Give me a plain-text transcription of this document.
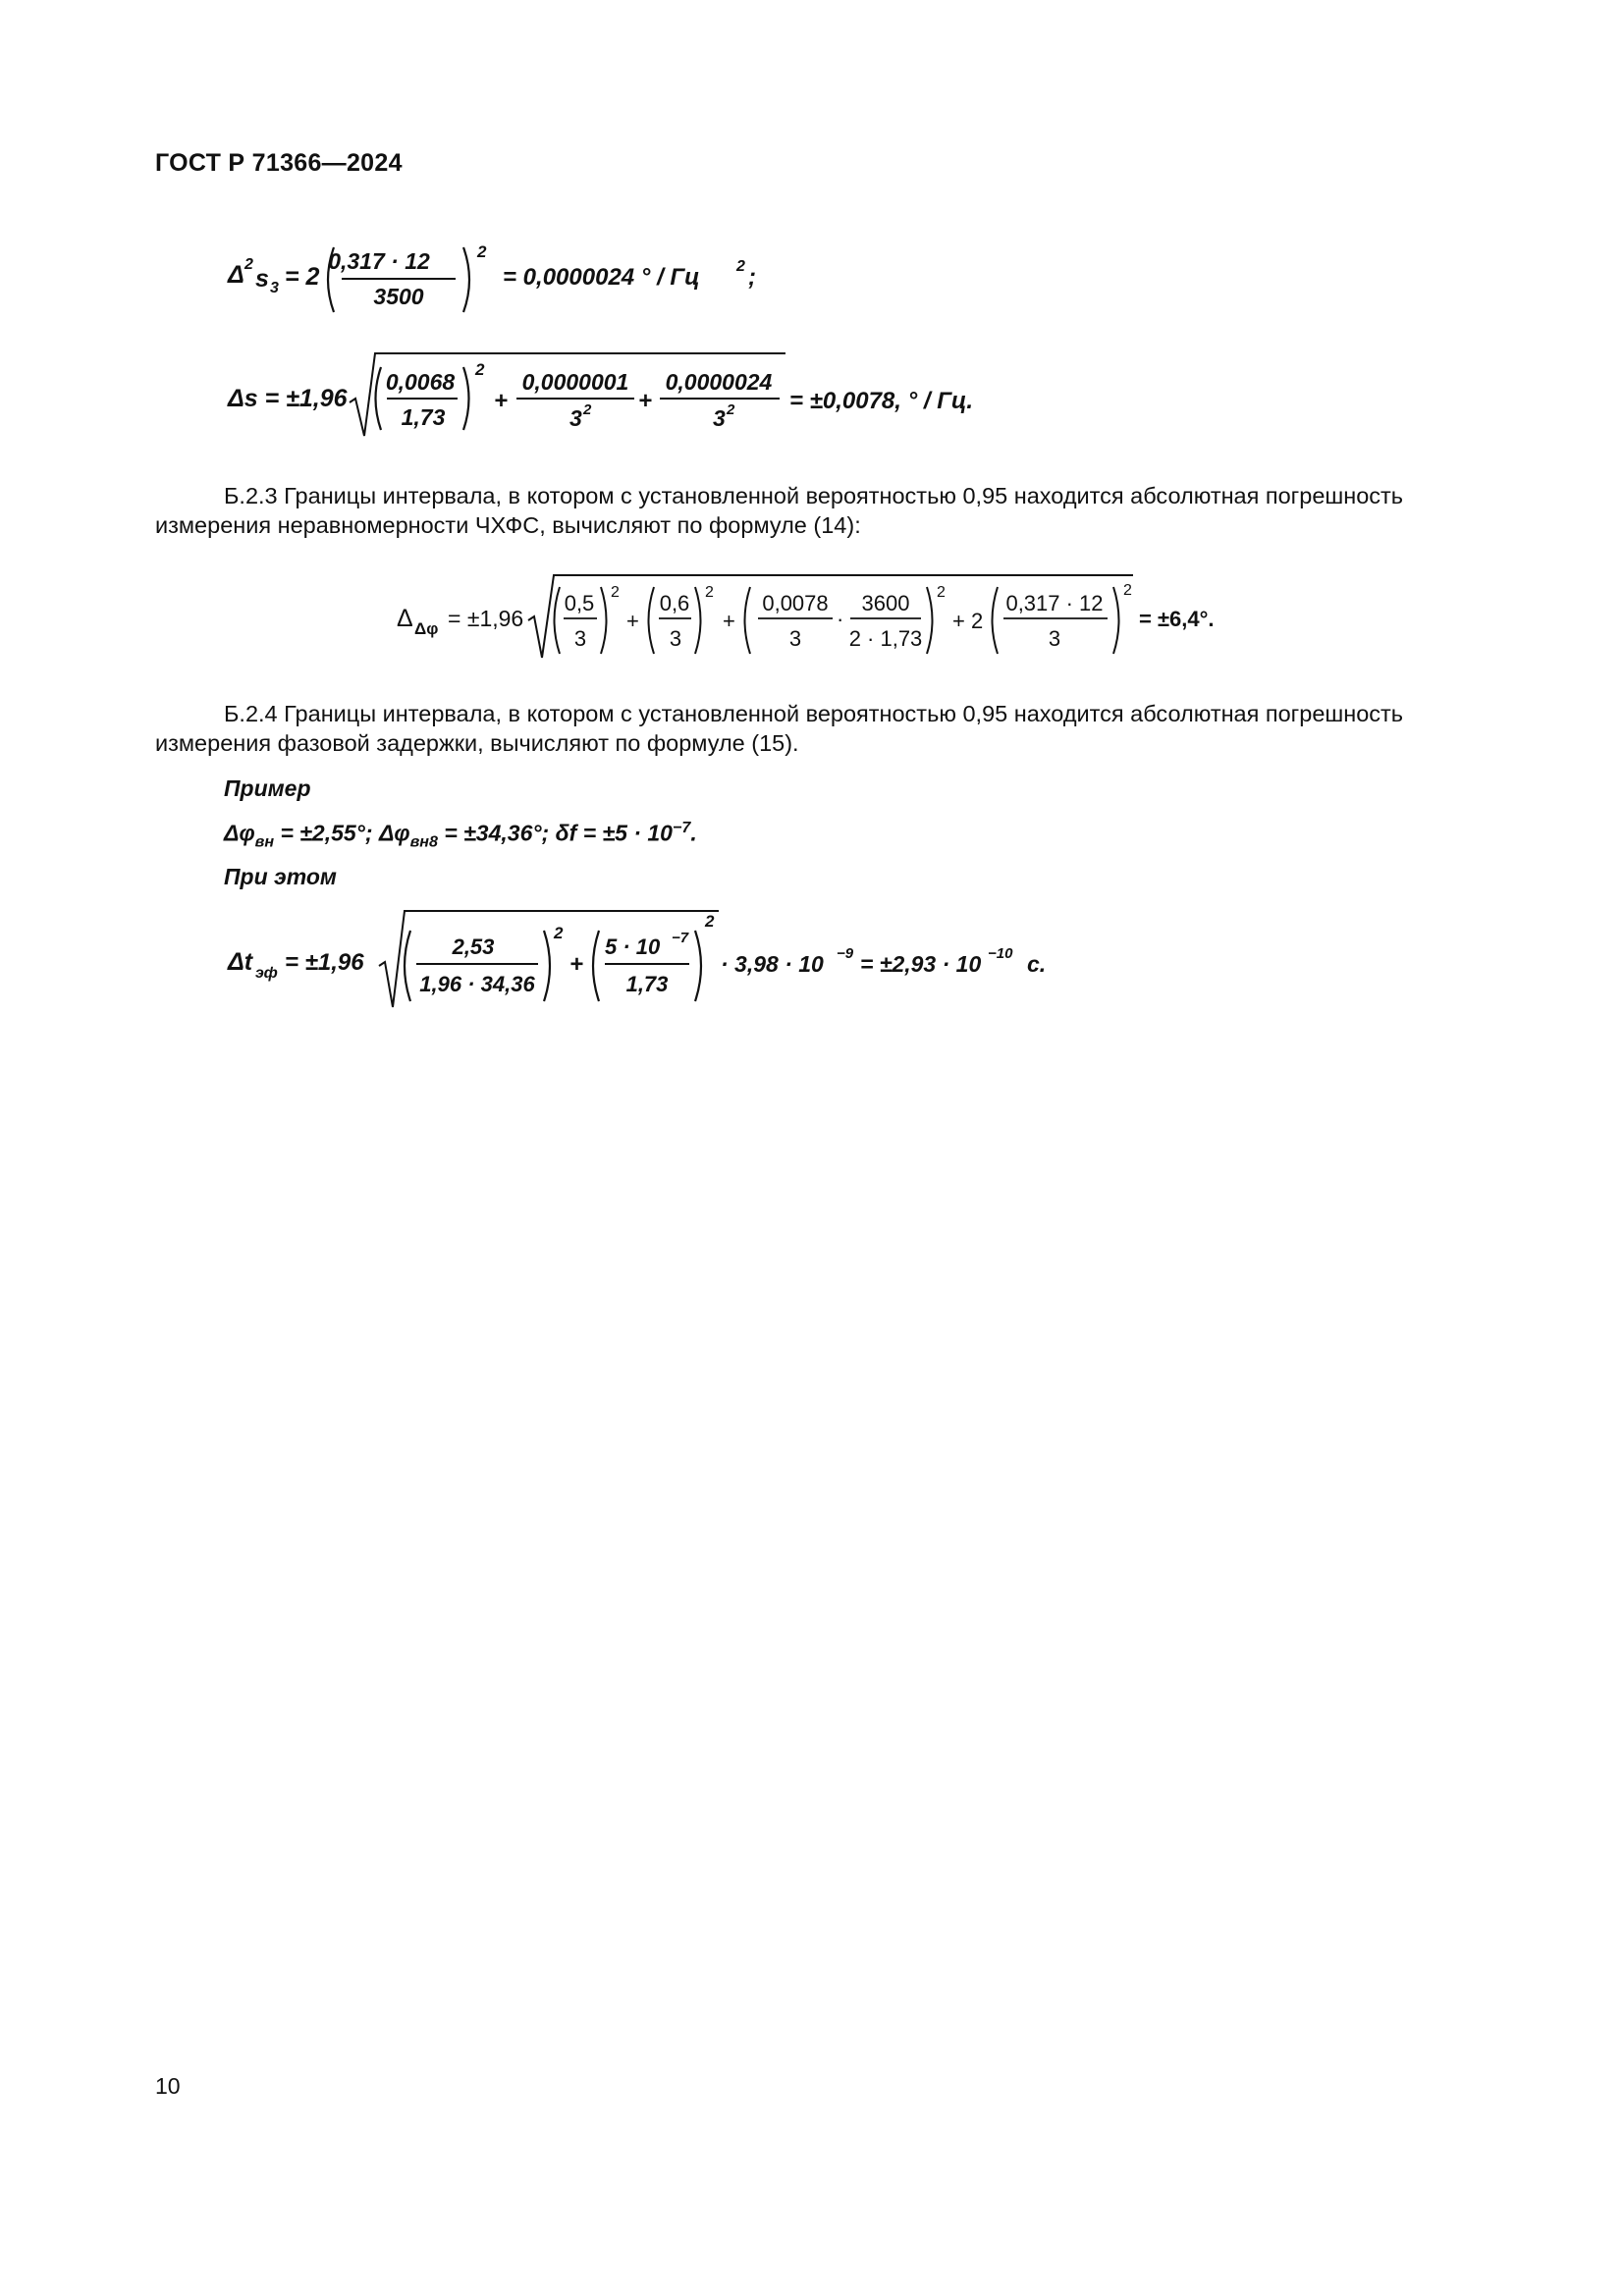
ГОСТ Р 71366—2024
Δ 2
s 3 = 2
0,317 · 12
3500
2
= 0,0000024 ° / Гц 2 ;
Δs = ±1,96
0,0068
1,73
2
+
0,0000001
3 2 +
0,0000024
3 2 = ±0,0078, ° / Гц.
Б.2.3 Границы интервала, в котором с установленной вероятностью 0,95 находится абсолютная погрешность
измерения неравномерности ЧХФС, вычисляют по формуле (14):
Δ Δφ = ±1,96
0,5
3
2
+
0,6
3
2
+
0,0078
3
·
3600
2 · 1,73
2
+ 2
0,317 · 12
3
2
= ±6,4°.
Б.2.4 Границы интервала, в котором с установленной вероятностью 0,95 находится абсолютная погрешность
измерения фазовой задержки, вычисляют по формуле (15).
Пример
$\Delta\varphi_{вн} = \pm 2,55^\circ$; $\Delta\varphi_{вн8} = \pm 34,36^\circ$; $\delta f = \pm 5 \cdot 10^{-7}$.
При этом
Δt эф = ±1,96
2,53
1,96 · 34,36
2
+
5 · 10 −7
1,73
2
· 3,98 · 10 −9 = ±2,93 · 10 −10 с.
10
